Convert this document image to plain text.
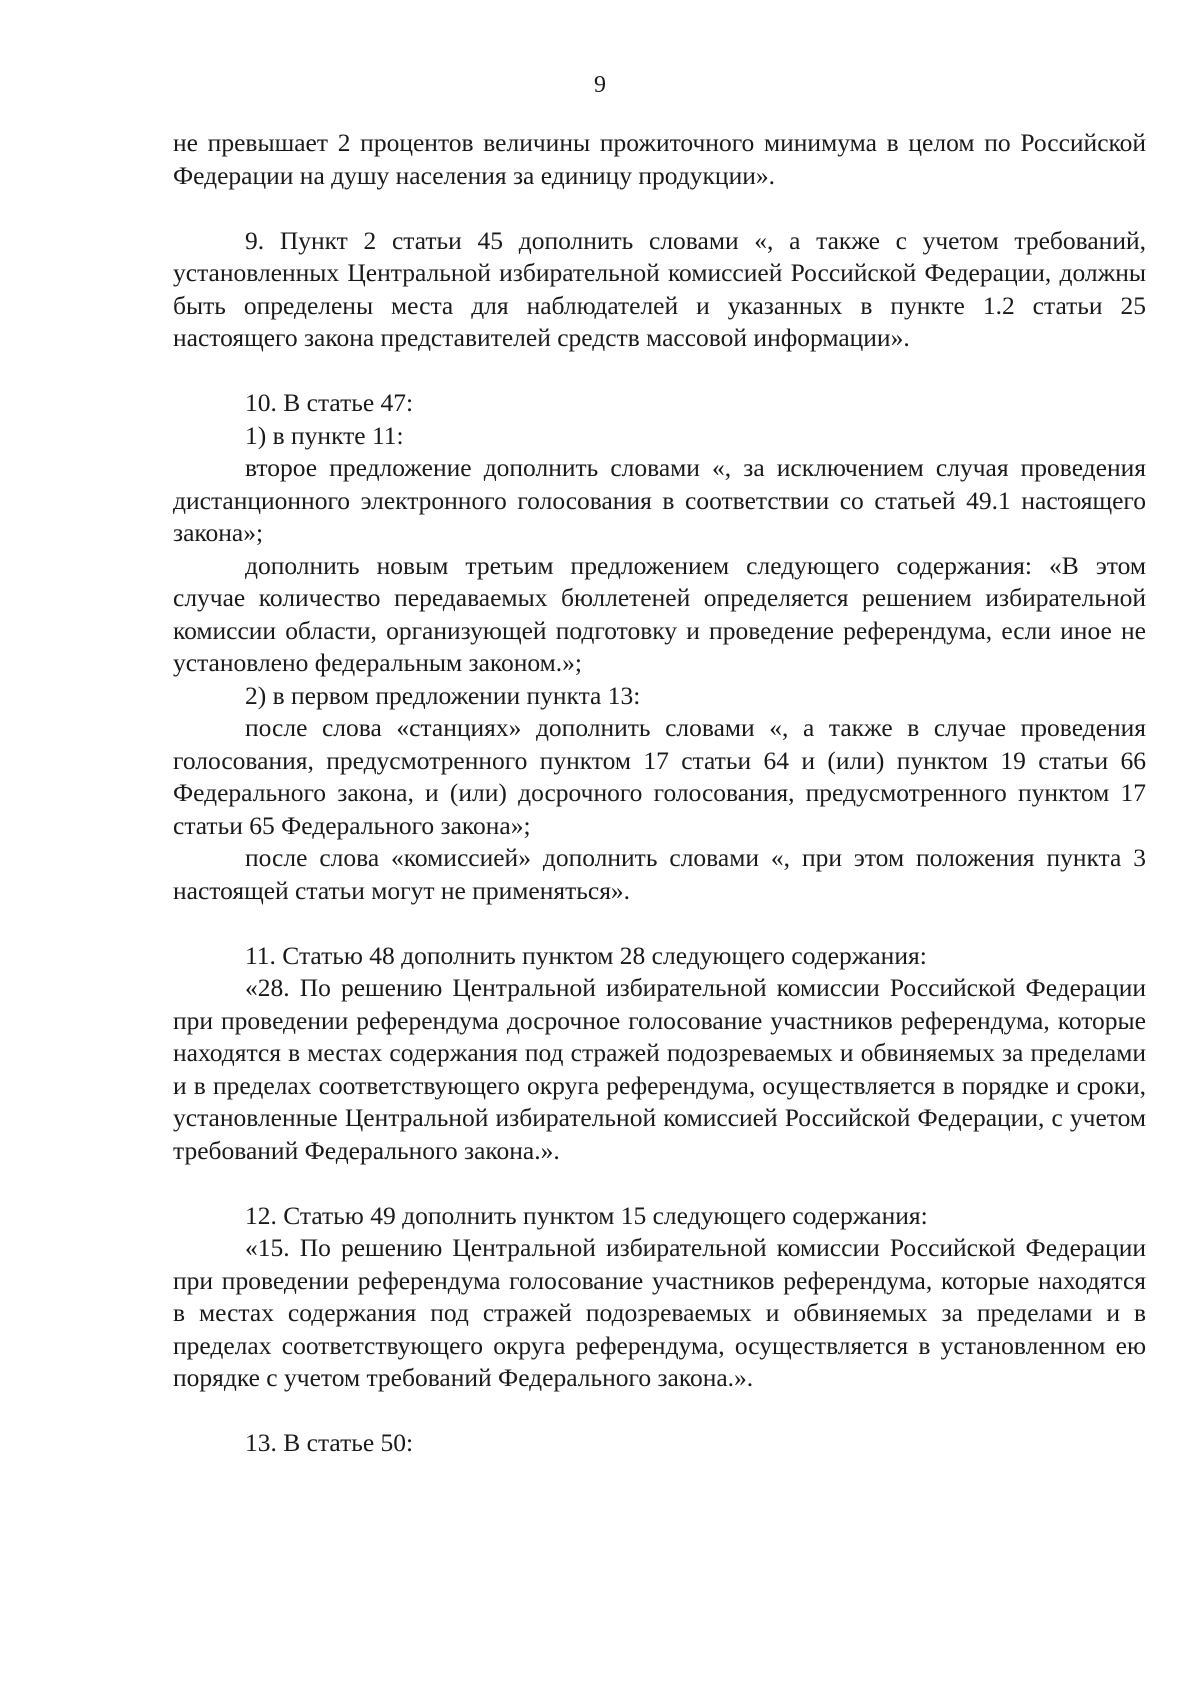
9

не превышает 2 процентов величины прожиточного минимума в целом по Российской Федерации на душу населения за единицу продукции».

9. Пункт 2 статьи 45 дополнить словами «, а также с учетом требований, установленных Центральной избирательной комиссией Российской Федерации, должны быть определены места для наблюдателей и указанных в пункте 1.2 статьи 25 настоящего закона представителей средств массовой информации».

10. В статье 47:

1) в пункте 11:

второе предложение дополнить словами «, за исключением случая проведения дистанционного электронного голосования в соответствии со статьей 49.1 настоящего закона»;

дополнить новым третьим предложением следующего содержания: «В этом случае количество передаваемых бюллетеней определяется решением избирательной комиссии области, организующей подготовку и проведение референдума, если иное не установлено федеральным законом.»;

2) в первом предложении пункта 13:

после слова «станциях» дополнить словами «, а также в случае проведения голосования, предусмотренного пунктом 17 статьи 64 и (или) пунктом 19 статьи 66 Федерального закона, и (или) досрочного голосования, предусмотренного пунктом 17 статьи 65 Федерального закона»;

после слова «комиссией» дополнить словами «, при этом положения пункта 3 настоящей статьи могут не применяться».

11. Статью 48 дополнить пунктом 28 следующего содержания:

«28. По решению Центральной избирательной комиссии Российской Федерации при проведении референдума досрочное голосование участников референдума, которые находятся в местах содержания под стражей подозреваемых и обвиняемых за пределами и в пределах соответствующего округа референдума, осуществляется в порядке и сроки, установленные Центральной избирательной комиссией Российской Федерации, с учетом требований Федерального закона.».

12. Статью 49 дополнить пунктом 15 следующего содержания:

«15. По решению Центральной избирательной комиссии Российской Федерации при проведении референдума голосование участников референдума, которые находятся в местах содержания под стражей подозреваемых и обвиняемых за пределами и в пределах соответствующего округа референдума, осуществляется в установленном ею порядке с учетом требований Федерального закона.».

13. В статье 50:
